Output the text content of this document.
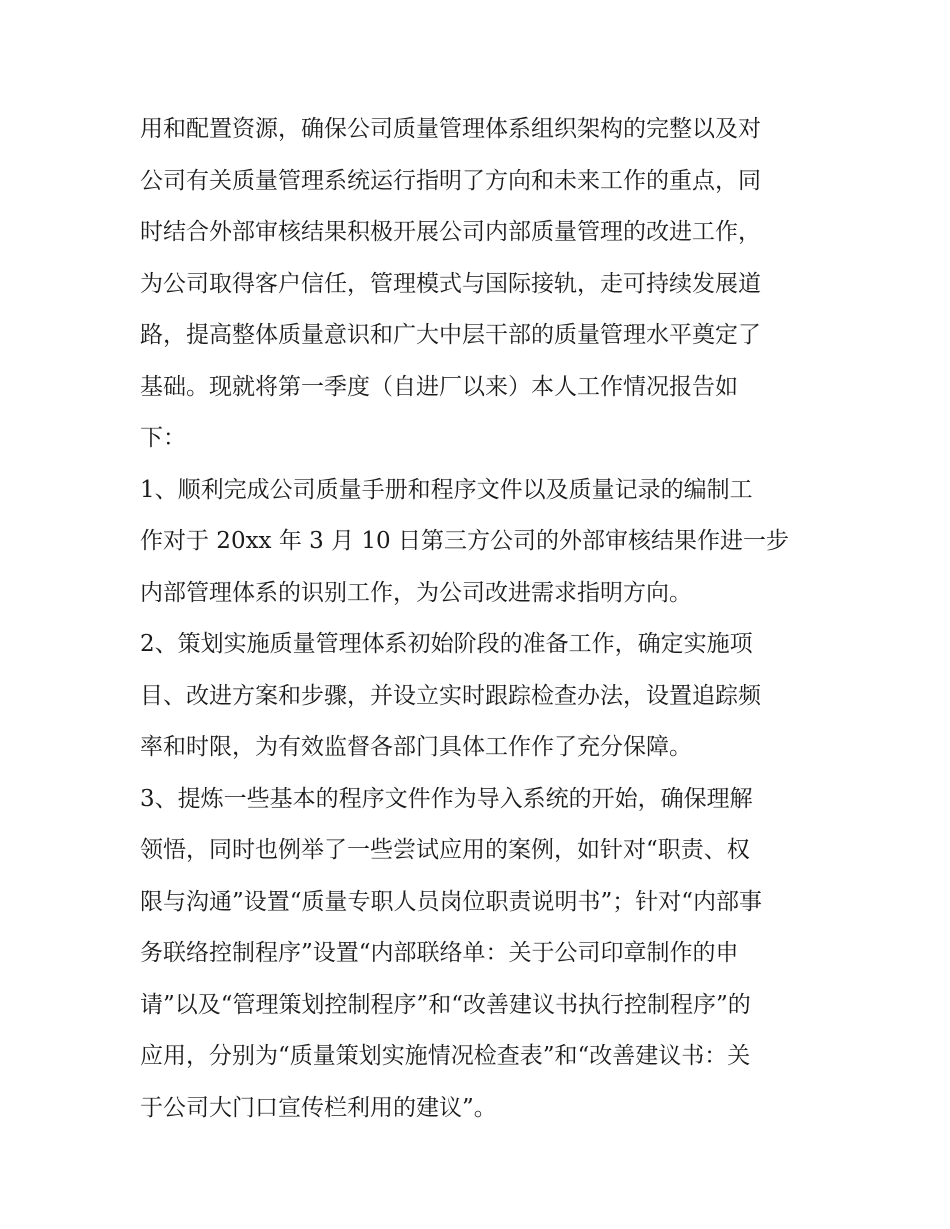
用和配置资源，确保公司质量管理体系组织架构的完整以及对
公司有关质量管理系统运行指明了方向和未来工作的重点，同
时结合外部审核结果积极开展公司内部质量管理的改进工作，
为公司取得客户信任，管理模式与国际接轨，走可持续发展道
路，提高整体质量意识和广大中层干部的质量管理水平奠定了
基础。现就将第一季度（自进厂以来）本人工作情况报告如
下：
1、顺利完成公司质量手册和程序文件以及质量记录的编制工
作对于 20xx 年 3 月 10 日第三方公司的外部审核结果作进一步
内部管理体系的识别工作，为公司改进需求指明方向。
2、策划实施质量管理体系初始阶段的准备工作，确定实施项
目、改进方案和步骤，并设立实时跟踪检查办法，设置追踪频
率和时限，为有效监督各部门具体工作作了充分保障。
3、提炼一些基本的程序文件作为导入系统的开始，确保理解
领悟，同时也例举了一些尝试应用的案例，如针对“职责、权
限与沟通”设置“质量专职人员岗位职责说明书”；针对“内部事
务联络控制程序”设置“内部联络单：关于公司印章制作的申
请”以及“管理策划控制程序”和“改善建议书执行控制程序”的
应用，分别为“质量策划实施情况检查表”和“改善建议书：关
于公司大门口宣传栏利用的建议”。
